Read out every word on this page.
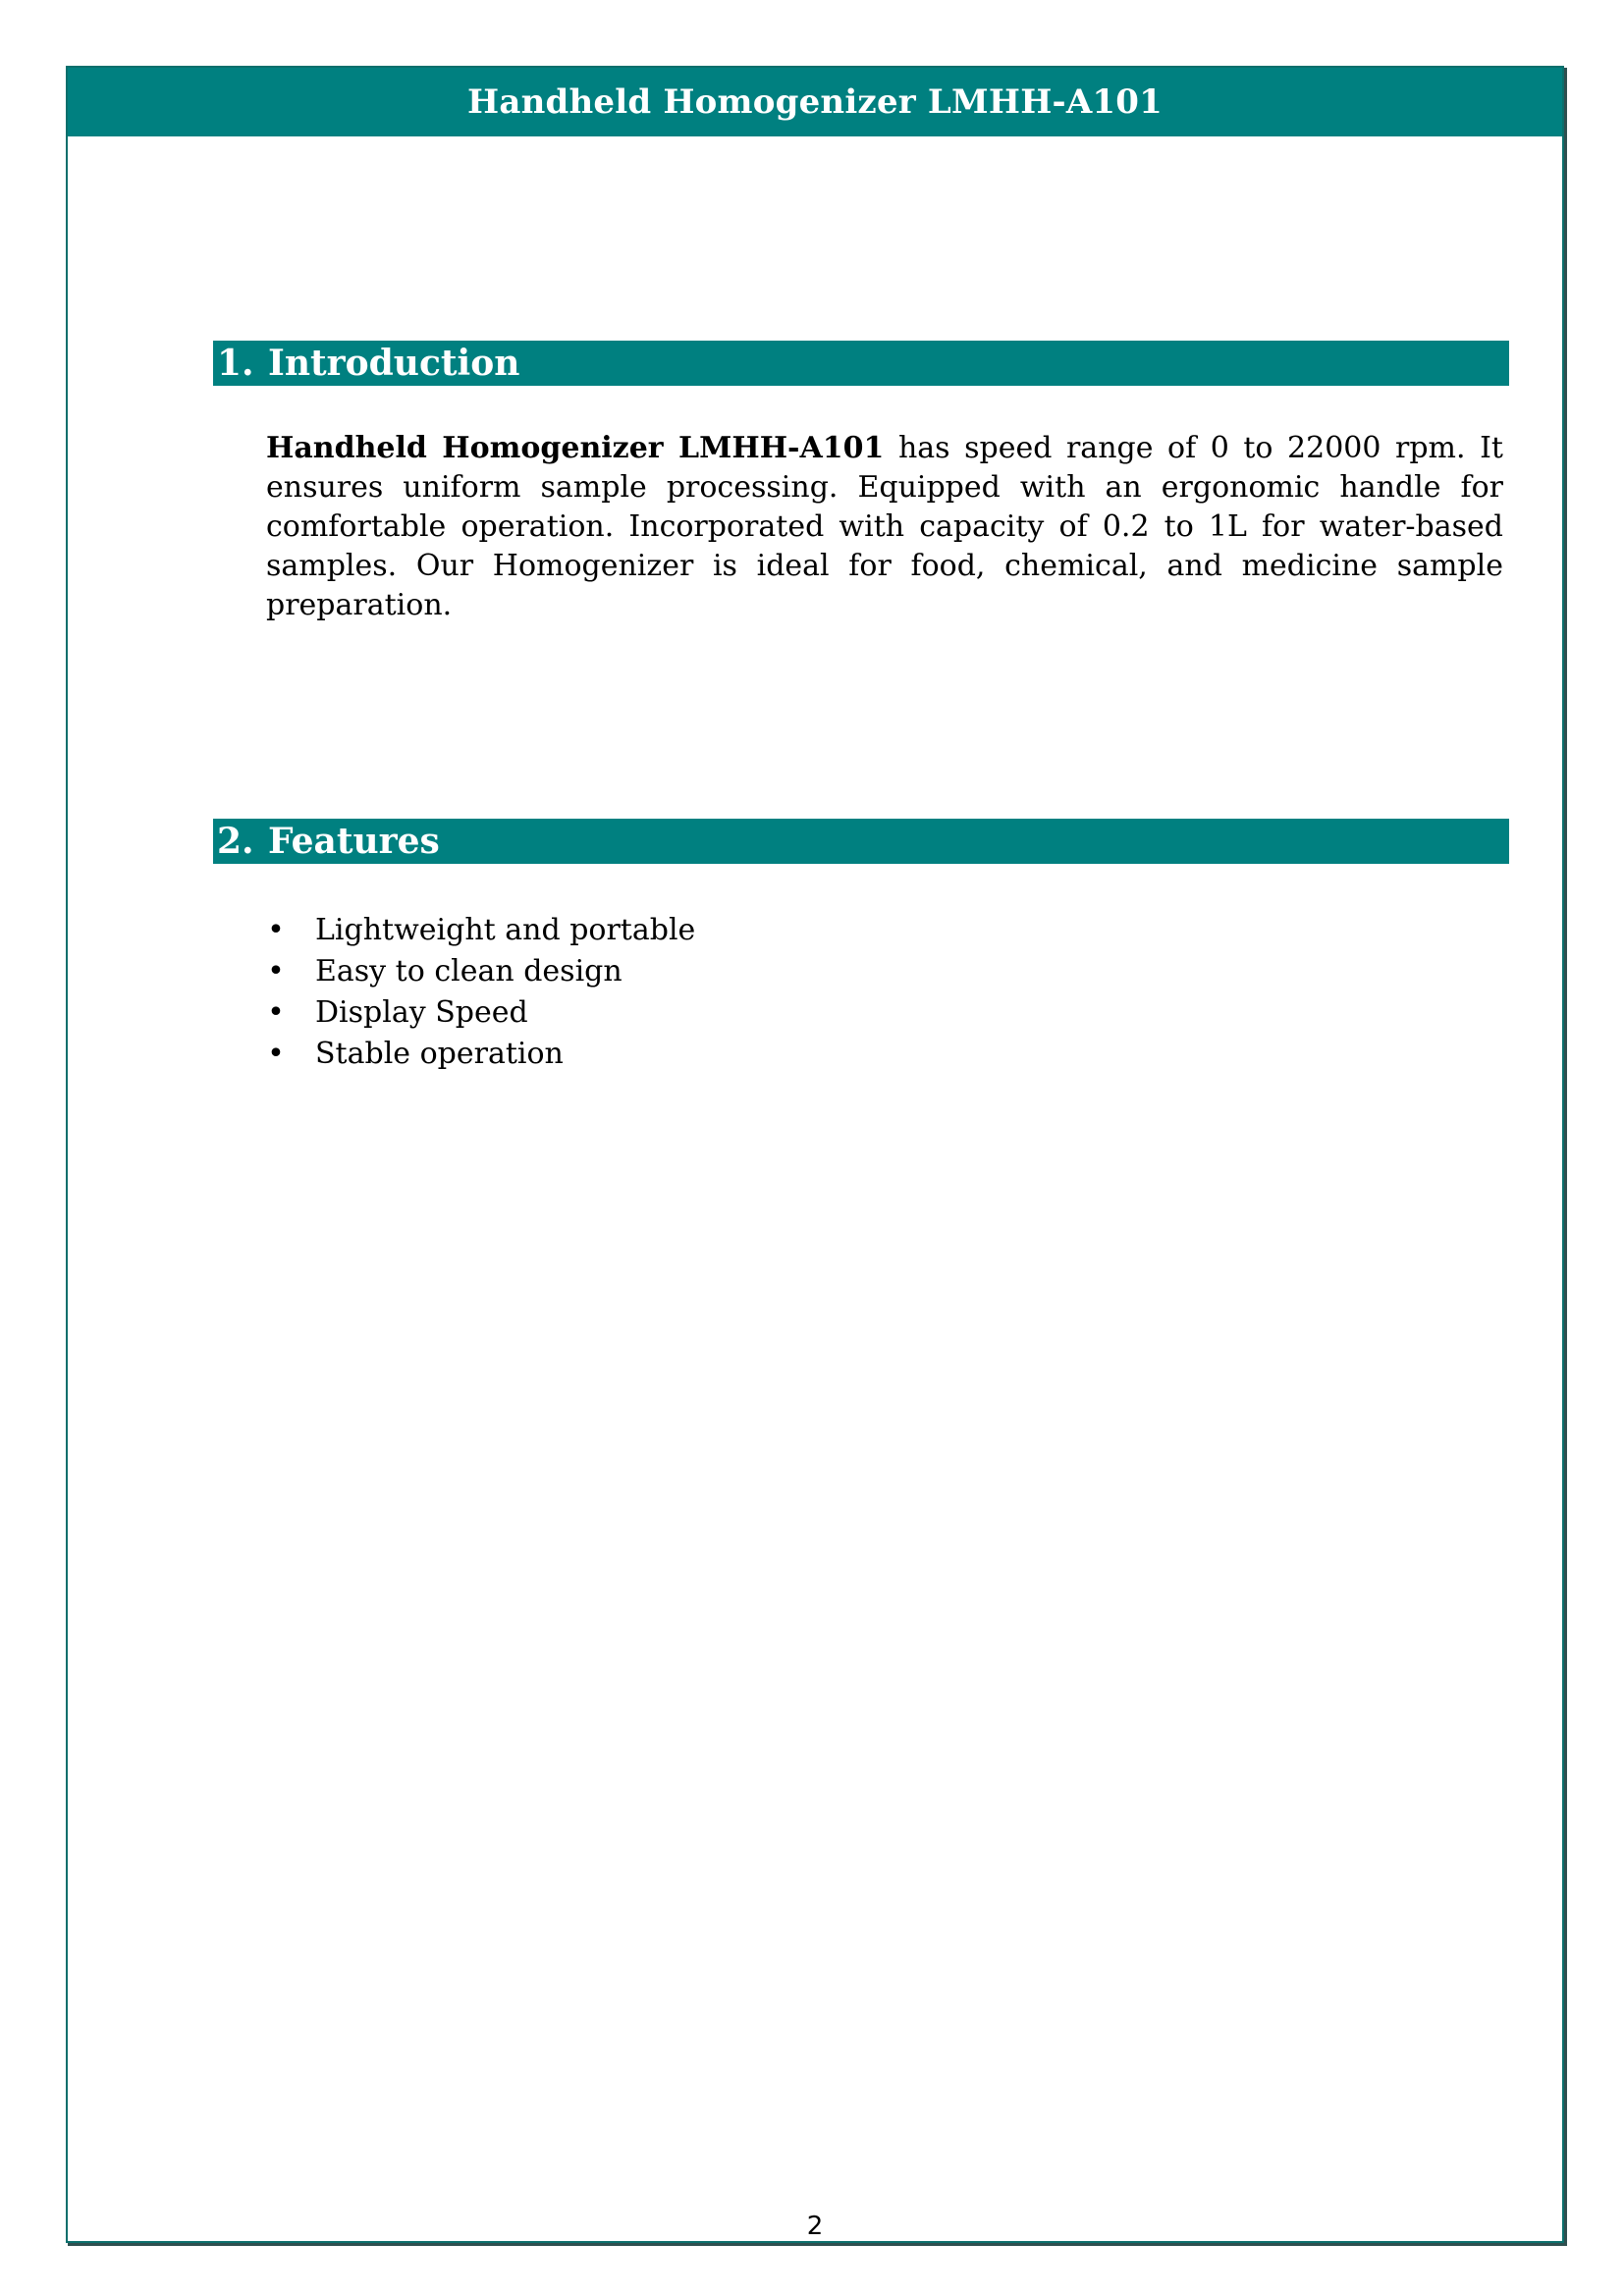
Handheld Homogenizer LMHH-A101
1. Introduction
Handheld Homogenizer LMHH-A101 has speed range of 0 to 22000 rpm. It ensures uniform sample processing. Equipped with an ergonomic handle for comfortable operation. Incorporated with capacity of 0.2 to 1L for water-based samples. Our Homogenizer is ideal for food, chemical, and medicine sample preparation.
2. Features
• Lightweight and portable
• Easy to clean design
• Display Speed
• Stable operation
2
